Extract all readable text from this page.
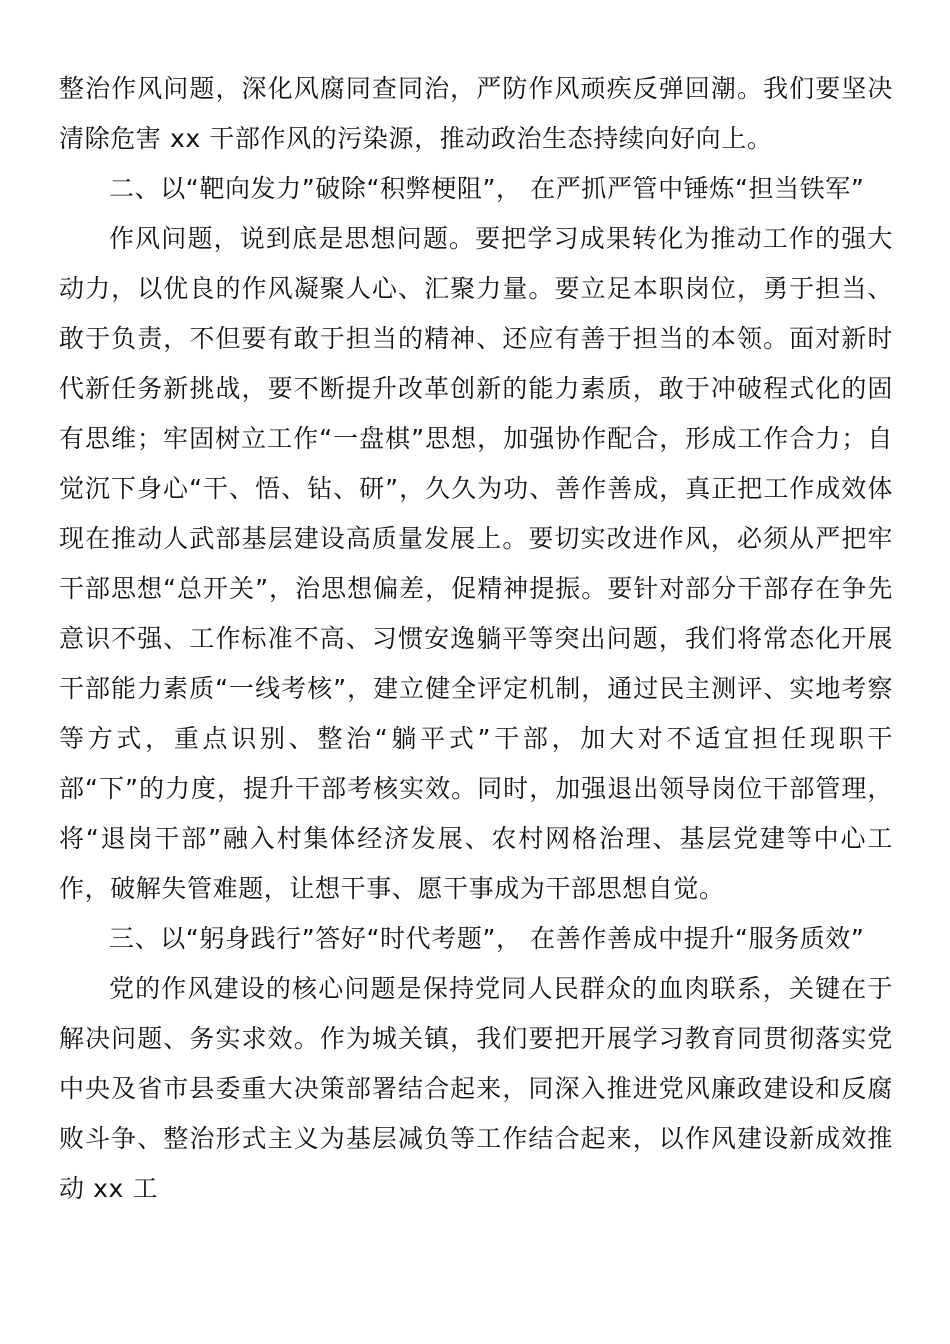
整治作风问题，深化风腐同查同治，严防作风顽疾反弹回潮。我们要坚决清除危害 xx 干部作风的污染源，推动政治生态持续向好向上。

二、以“靶向发力”破除“积弊梗阻”， 在严抓严管中锤炼“担当铁军”

作风问题，说到底是思想问题。要把学习成果转化为推动工作的强大动力，以优良的作风凝聚人心、汇聚力量。要立足本职岗位，勇于担当、敢于负责，不但要有敢于担当的精神、还应有善于担当的本领。面对新时代新任务新挑战，要不断提升改革创新的能力素质，敢于冲破程式化的固有思维；牢固树立工作“一盘棋”思想，加强协作配合，形成工作合力；自觉沉下身心“干、悟、钻、研”，久久为功、善作善成，真正把工作成效体现在推动人武部基层建设高质量发展上。要切实改进作风，必须从严把牢干部思想“总开关”，治思想偏差，促精神提振。要针对部分干部存在争先意识不强、工作标准不高、习惯安逸躺平等突出问题，我们将常态化开展干部能力素质“一线考核”，建立健全评定机制，通过民主测评、实地考察等方式，重点识别、整治“躺平式”干部，加大对不适宜担任现职干部“下”的力度，提升干部考核实效。同时，加强退出领导岗位干部管理，将“退岗干部”融入村集体经济发展、农村网格治理、基层党建等中心工作，破解失管难题，让想干事、愿干事成为干部思想自觉。

三、以“躬身践行”答好“时代考题”， 在善作善成中提升“服务质效”

党的作风建设的核心问题是保持党同人民群众的血肉联系，关键在于解决问题、务实求效。作为城关镇，我们要把开展学习教育同贯彻落实党中央及省市县委重大决策部署结合起来，同深入推进党风廉政建设和反腐败斗争、整治形式主义为基层减负等工作结合起来，以作风建设新成效推动 xx 工
